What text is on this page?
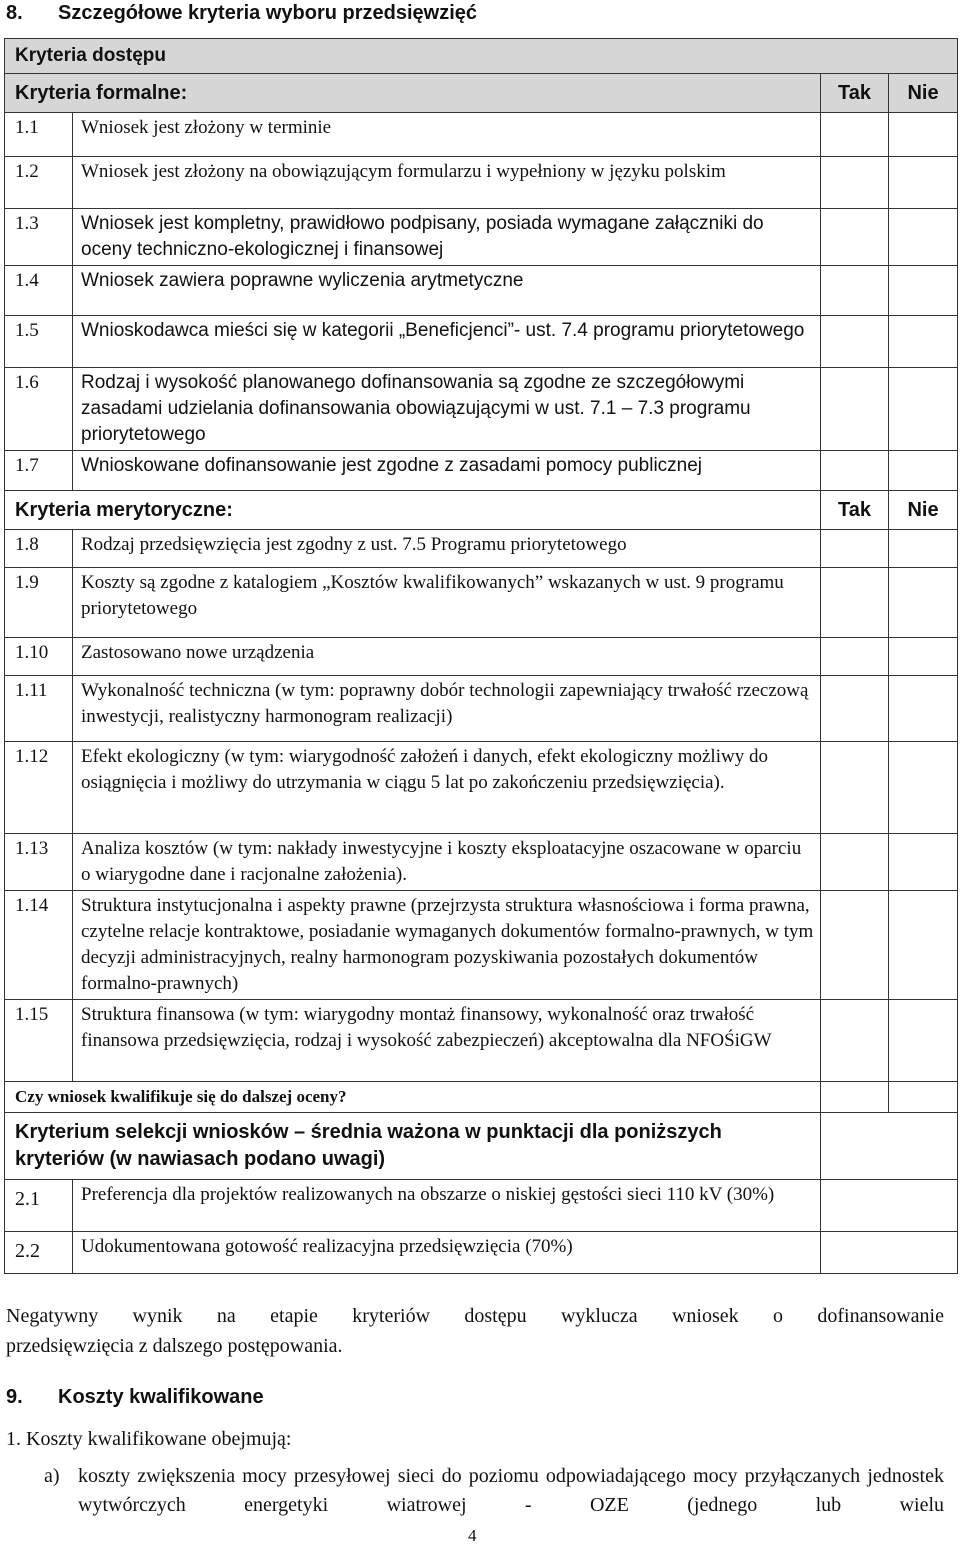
8. Szczegółowe kryteria wyboru przedsięwzięć
Kryteria dostępu			
Kryteria formalne:		Tak	Nie
1.1	Wniosek jest złożony w terminie		
1.2	Wniosek jest złożony na obowiązującym formularzu i wypełniony w języku polskim		
1.3	Wniosek jest kompletny, prawidłowo podpisany, posiada wymagane załączniki do oceny techniczno-ekologicznej i finansowej		
1.4	Wniosek zawiera poprawne wyliczenia arytmetyczne		
1.5	Wnioskodawca mieści się w kategorii „Beneficjenci”- ust. 7.4 programu priorytetowego		
1.6	Rodzaj i wysokość planowanego dofinansowania są zgodne ze szczegółowymi zasadami udzielania dofinansowania obowiązującymi w ust. 7.1 – 7.3 programu priorytetowego		
1.7	Wnioskowane dofinansowanie jest zgodne z zasadami pomocy publicznej		
Kryteria merytoryczne:		Tak	Nie
1.8	Rodzaj przedsięwzięcia jest zgodny z ust. 7.5 Programu priorytetowego		
1.9	Koszty są zgodne z katalogiem „Kosztów kwalifikowanych” wskazanych w ust. 9 programu priorytetowego		
1.10	Zastosowano nowe urządzenia		
1.11	Wykonalność techniczna (w tym: poprawny dobór technologii zapewniający trwałość rzeczową inwestycji, realistyczny harmonogram realizacji)		
1.12	Efekt ekologiczny (w tym: wiarygodność założeń i danych, efekt ekologiczny możliwy do osiągnięcia i możliwy do utrzymania w ciągu 5 lat po zakończeniu przedsięwzięcia).		
1.13	Analiza kosztów (w tym: nakłady inwestycyjne i koszty eksploatacyjne oszacowane w oparciu o wiarygodne dane i racjonalne założenia).		
1.14	Struktura instytucjonalna i aspekty prawne (przejrzysta struktura własnościowa i forma prawna, czytelne relacje kontraktowe, posiadanie wymaganych dokumentów formalno-prawnych, w tym decyzji administracyjnych, realny harmonogram pozyskiwania pozostałych dokumentów formalno-prawnych)		
1.15	Struktura finansowa (w tym: wiarygodny montaż finansowy, wykonalność oraz trwałość finansowa przedsięwzięcia, rodzaj i wysokość zabezpieczeń) akceptowalna dla NFOŚiGW		
Czy wniosek kwalifikuje się do dalszej oceny?			
Kryterium selekcji wniosków – średnia ważona w punktacji dla poniższych kryteriów (w nawiasach podano uwagi)			
2.1	Preferencja dla projektów realizowanych na obszarze o niskiej gęstości sieci 110 kV (30%)		
2.2	Udokumentowana gotowość realizacyjna przedsięwzięcia (70%)		
Negatywny wynik na etapie kryteriów dostępu wyklucza wniosek o dofinansowanie
przedsięwzięcia z dalszego postępowania.
9. Koszty kwalifikowane
1. Koszty kwalifikowane obejmują:
a) koszty zwiększenia mocy przesyłowej sieci do poziomu odpowiadającego mocy przyłączanych jednostek wytwórczych energetyki wiatrowej - OZE (jednego lub wielu
4
